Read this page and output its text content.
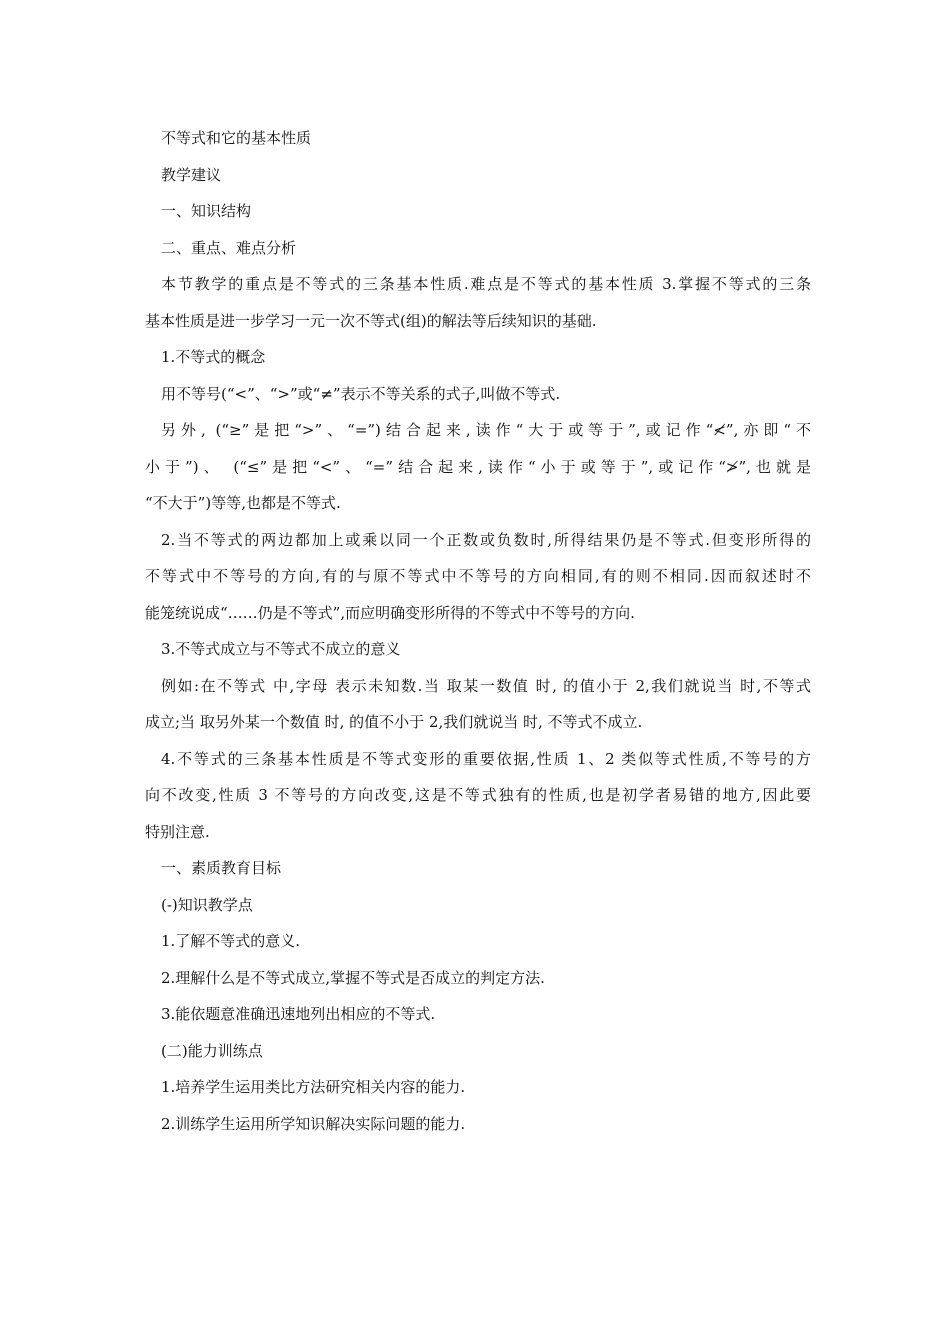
不等式和它的基本性质
教学建议
一、知识结构
二、重点、难点分析
本节教学的重点是不等式的三条基本性质.难点是不等式的基本性质 3.掌握不等式的三条
基本性质是进一步学习一元一次不等式(组)的解法等后续知识的基础.
1.不等式的概念
用不等号(“<”、“>”或“≠”表示不等关系的式子,叫做不等式.
另外, (“≥”是把“>”、“=”)结合起来,读作“大于或等于”,或记作“≮”,亦即“不
小于”)、 (“≤”是把“<”、“=”结合起来,读作“小于或等于”,或记作“≯”,也就是
“不大于”)等等,也都是不等式.
2.当不等式的两边都加上或乘以同一个正数或负数时,所得结果仍是不等式.但变形所得的
不等式中不等号的方向,有的与原不等式中不等号的方向相同,有的则不相同.因而叙述时不
能笼统说成“……仍是不等式”,而应明确变形所得的不等式中不等号的方向.
3.不等式成立与不等式不成立的意义
例如:在不等式 中,字母 表示未知数.当 取某一数值 时, 的值小于 2,我们就说当 时,不等式
成立;当 取另外某一个数值 时, 的值不小于 2,我们就说当 时, 不等式不成立.
4.不等式的三条基本性质是不等式变形的重要依据,性质 1、2 类似等式性质,不等号的方
向不改变,性质 3 不等号的方向改变,这是不等式独有的性质,也是初学者易错的地方,因此要
特别注意.
一、素质教育目标
(-)知识教学点
1.了解不等式的意义.
2.理解什么是不等式成立,掌握不等式是否成立的判定方法.
3.能依题意准确迅速地列出相应的不等式.
(二)能力训练点
1.培养学生运用类比方法研究相关内容的能力.
2.训练学生运用所学知识解决实际问题的能力.
